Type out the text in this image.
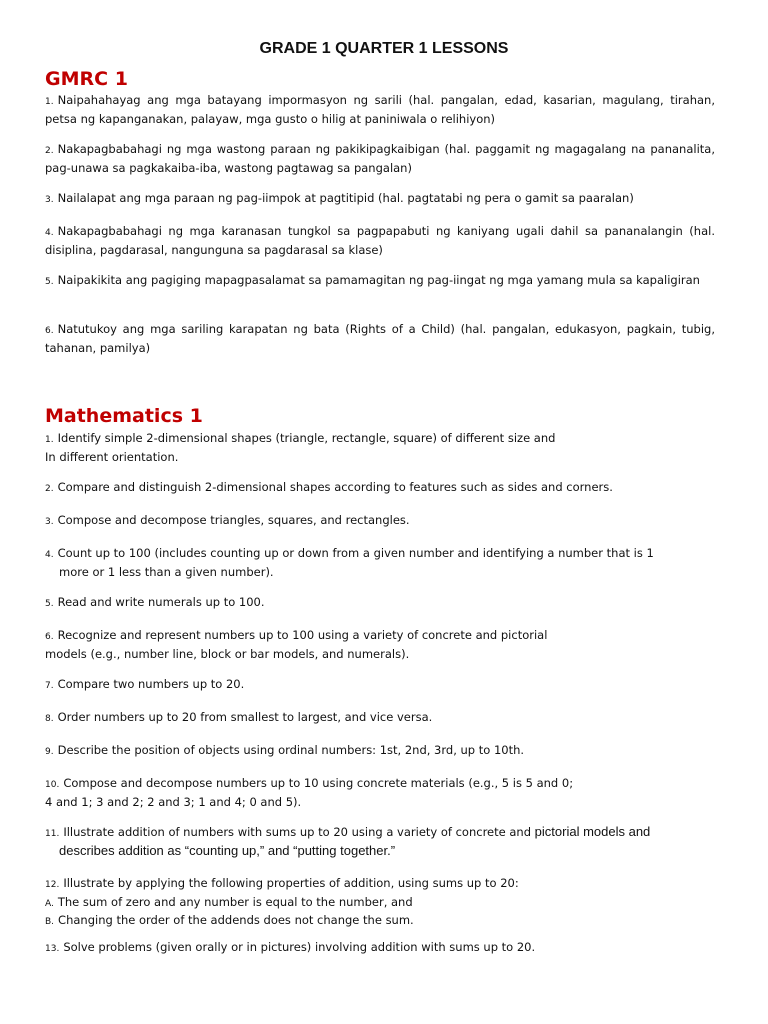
GRADE 1 QUARTER 1 LESSONS
GMRC 1
1. Naipahahayag ang mga batayang impormasyon ng sarili (hal. pangalan, edad, kasarian, magulang, tirahan, petsa ng kapanganakan, palayaw, mga gusto o hilig at paniniwala o relihiyon)
2. Nakapagbabahagi ng mga wastong paraan ng pakikipagkaibigan (hal. paggamit ng magagalang na pananalita, pag-unawa sa pagkakaiba-iba, wastong pagtawag sa pangalan)
3. Nailalapat ang mga paraan ng pag-iimpok at pagtitipid (hal. pagtatabi ng pera o gamit sa paaralan)
4. Nakapagbabahagi ng mga karanasan tungkol sa pagpapabuti ng kaniyang ugali dahil sa pananalangin (hal. disiplina, pagdarasal, nangunguna sa pagdarasal sa klase)
5. Naipakikita ang pagiging mapagpasalamat sa pamamagitan ng pag-iingat ng mga yamang mula sa kapaligiran
6. Natutukoy ang mga sariling karapatan ng bata (Rights of a Child) (hal. pangalan, edukasyon, pagkain, tubig, tahanan, pamilya)
Mathematics 1
1. Identify simple 2-dimensional shapes (triangle, rectangle, square) of different size and
In different orientation.
2. Compare and distinguish 2-dimensional shapes according to features such as sides and corners.
3. Compose and decompose triangles, squares, and rectangles.
4. Count up to 100 (includes counting up or down from a given number and identifying a number that is 1

more or 1 less than a given number).
5. Read and write numerals up to 100.
6. Recognize and represent numbers up to 100 using a variety of concrete and pictorial
models (e.g., number line, block or bar models, and numerals).
7. Compare two numbers up to 20.
8. Order numbers up to 20 from smallest to largest, and vice versa.
9. Describe the position of objects using ordinal numbers: 1st, 2nd, 3rd, up to 10th.
10. Compose and decompose numbers up to 10 using concrete materials (e.g., 5 is 5 and 0;
4 and 1; 3 and 2; 2 and 3; 1 and 4; 0 and 5).
11. Illustrate addition of numbers with sums up to 20 using a variety of concrete and pictorial models and

describes addition as “counting up,” and “putting together.”
12. Illustrate by applying the following properties of addition, using sums up to 20:
A. The sum of zero and any number is equal to the number, and
B. Changing the order of the addends does not change the sum.
13. Solve problems (given orally or in pictures) involving addition with sums up to 20.
